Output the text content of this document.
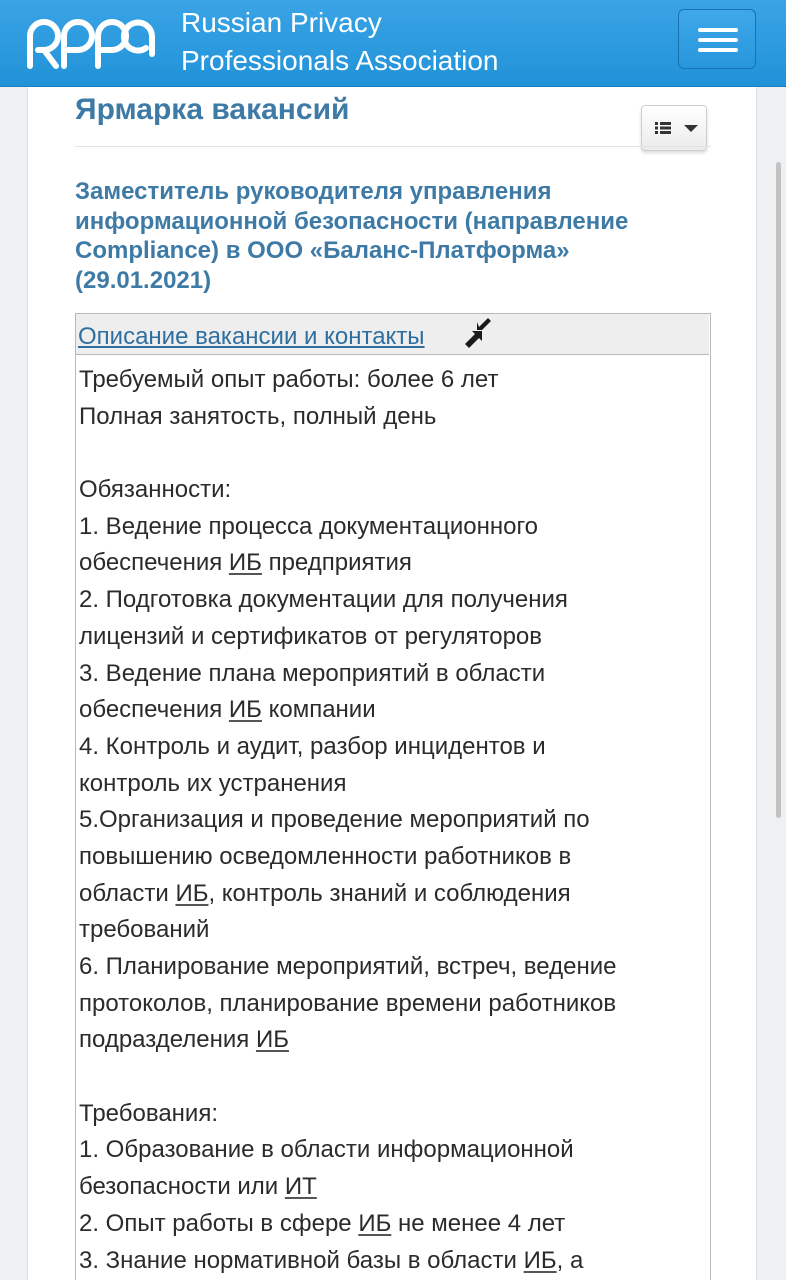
Russian Privacy
Professionals Association
Ярмарка вакансий
Заместитель руководителя управления
информационной безопасности (направление
Compliance) в ООО «Баланс-Платформа»
(29.01.2021)
Описание вакансии и контакты
Требуемый опыт работы: более 6 лет
Полная занятость, полный день
Обязанности:
1. Ведение процесса документационного
обеспечения ИБ предприятия
2. Подготовка документации для получения
лицензий и сертификатов от регуляторов
3. Ведение плана мероприятий в области
обеспечения ИБ компании
4. Контроль и аудит, разбор инцидентов и
контроль их устранения
5.Организация и проведение мероприятий по
повышению осведомленности работников в
области ИБ, контроль знаний и соблюдения
требований
6. Планирование мероприятий, встреч, ведение
протоколов, планирование времени работников
подразделения ИБ
Требования:
1. Образование в области информационной
безопасности или ИТ
2. Опыт работы в сфере ИБ не менее 4 лет
3. Знание нормативной базы в области ИБ, а
